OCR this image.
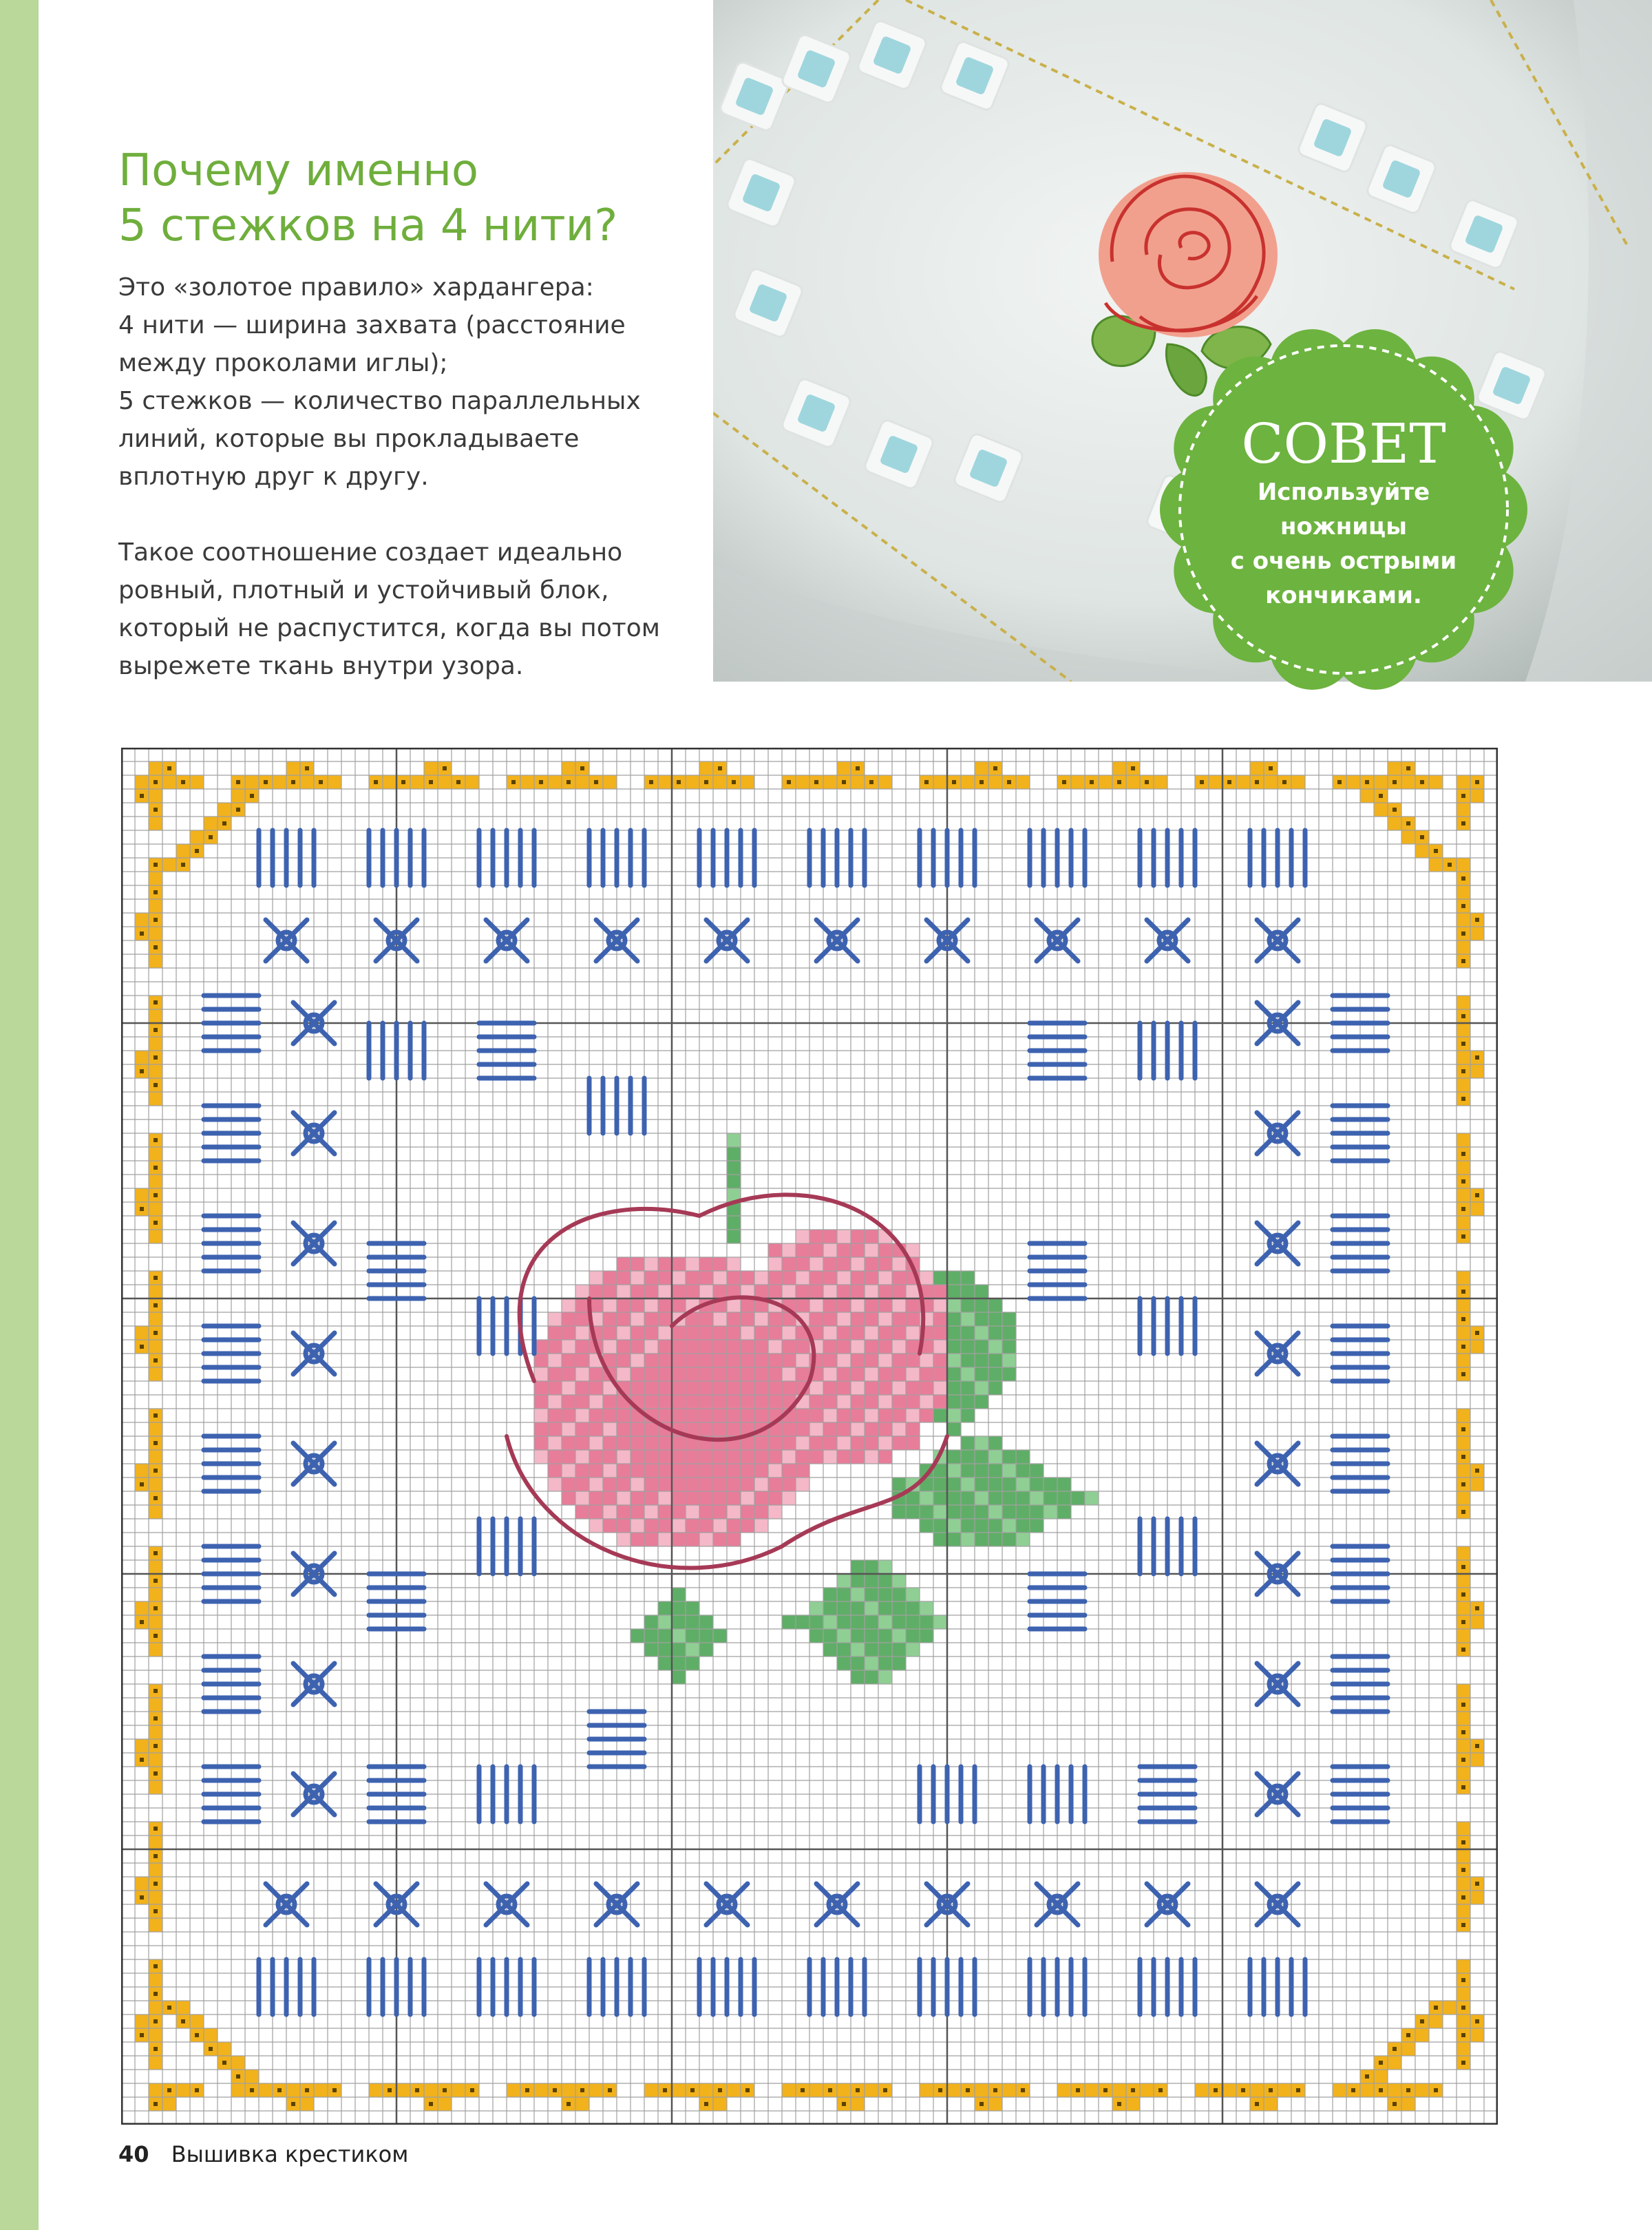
Почему именно
5 стежков на 4 нити?

Это «золотое правило» хардангера:
4 нити — ширина захвата (расстояние
между проколами иглы);
5 стежков — количество параллельных
линий, которые вы прокладываете
вплотную друг к другу.

Такое соотношение создает идеально
ровный, плотный и устойчивый блок,
который не распустится, когда вы потом
вырежете ткань внутри узора.

СОВЕТ
Используйте
ножницы
с очень острыми
кончиками.
40 Вышивка крестиком
